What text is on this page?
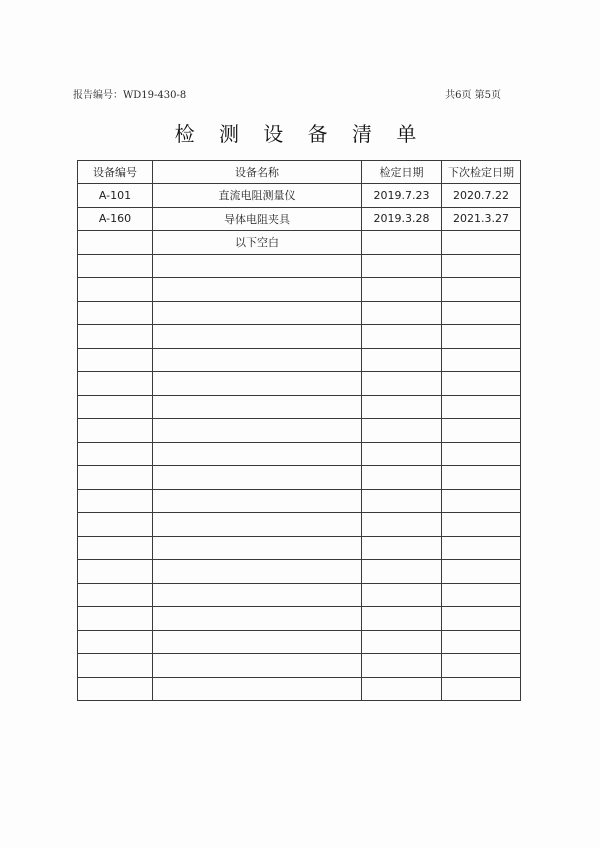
报告编号：WD19-430-8	共6页 第5页
检 测 设 备 清 单
设备编号	设备名称	检定日期	下次检定日期
A-101	直流电阻测量仪	2019.7.23	2020.7.22
A-160	导体电阻夹具	2019.3.28	2021.3.27
	以下空白		
